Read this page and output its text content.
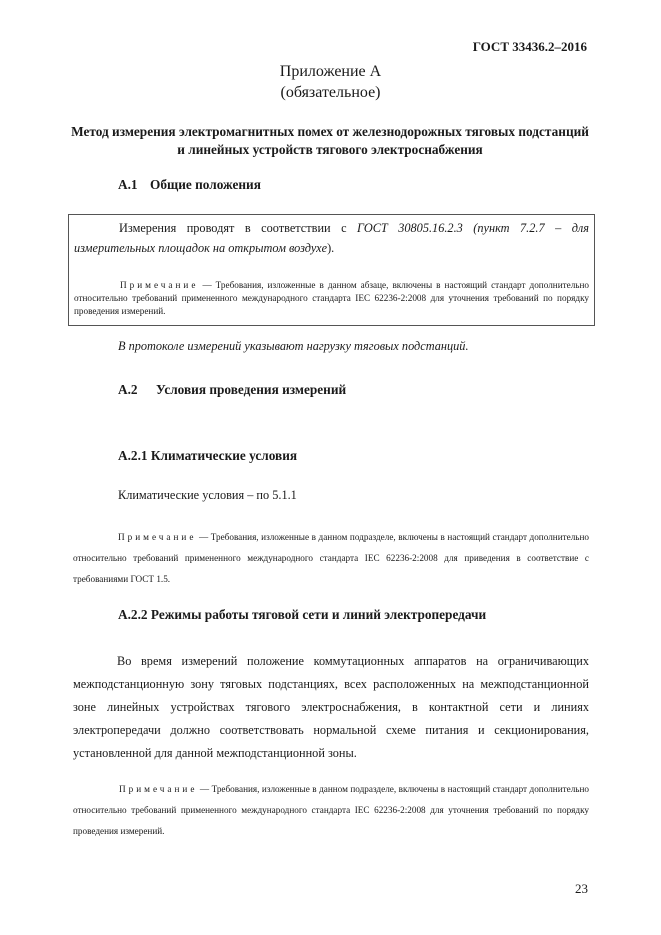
ГОСТ 33436.2–2016
Приложение А
(обязательное)
Метод измерения электромагнитных помех от железнодорожных тяговых подстанций и линейных устройств тягового электроснабжения
А.1 Общие положения
Измерения проводят в соответствии с ГОСТ 30805.16.2.3 (пункт 7.2.7 – для измерительных площадок на открытом воздухе).
Примечание — Требования, изложенные в данном абзаце, включены в настоящий стандарт дополнительно относительно требований примененного международного стандарта IEC 62236-2:2008 для уточнения требований по порядку проведения измерений.
В протоколе измерений указывают нагрузку тяговых подстанций.
А.2 Условия проведения измерений
А.2.1 Климатические условия
Климатические условия – по 5.1.1
Примечание — Требования, изложенные в данном подразделе, включены в настоящий стандарт дополнительно относительно требований примененного международного стандарта IEC 62236-2:2008 для приведения в соответствие с требованиями ГОСТ 1.5.
А.2.2 Режимы работы тяговой сети и линий электропередачи
Во время измерений положение коммутационных аппаратов на ограничивающих межподстанционную зону тяговых подстанциях, всех расположенных на межподстанционной зоне линейных устройствах тягового электроснабжения, в контактной сети и линиях электропередачи должно соответствовать нормальной схеме питания и секционирования, установленной для данной межподстанционной зоны.
Примечание — Требования, изложенные в данном подразделе, включены в настоящий стандарт дополнительно относительно требований примененного международного стандарта IEC 62236-2:2008 для уточнения требований по порядку проведения измерений.
23
